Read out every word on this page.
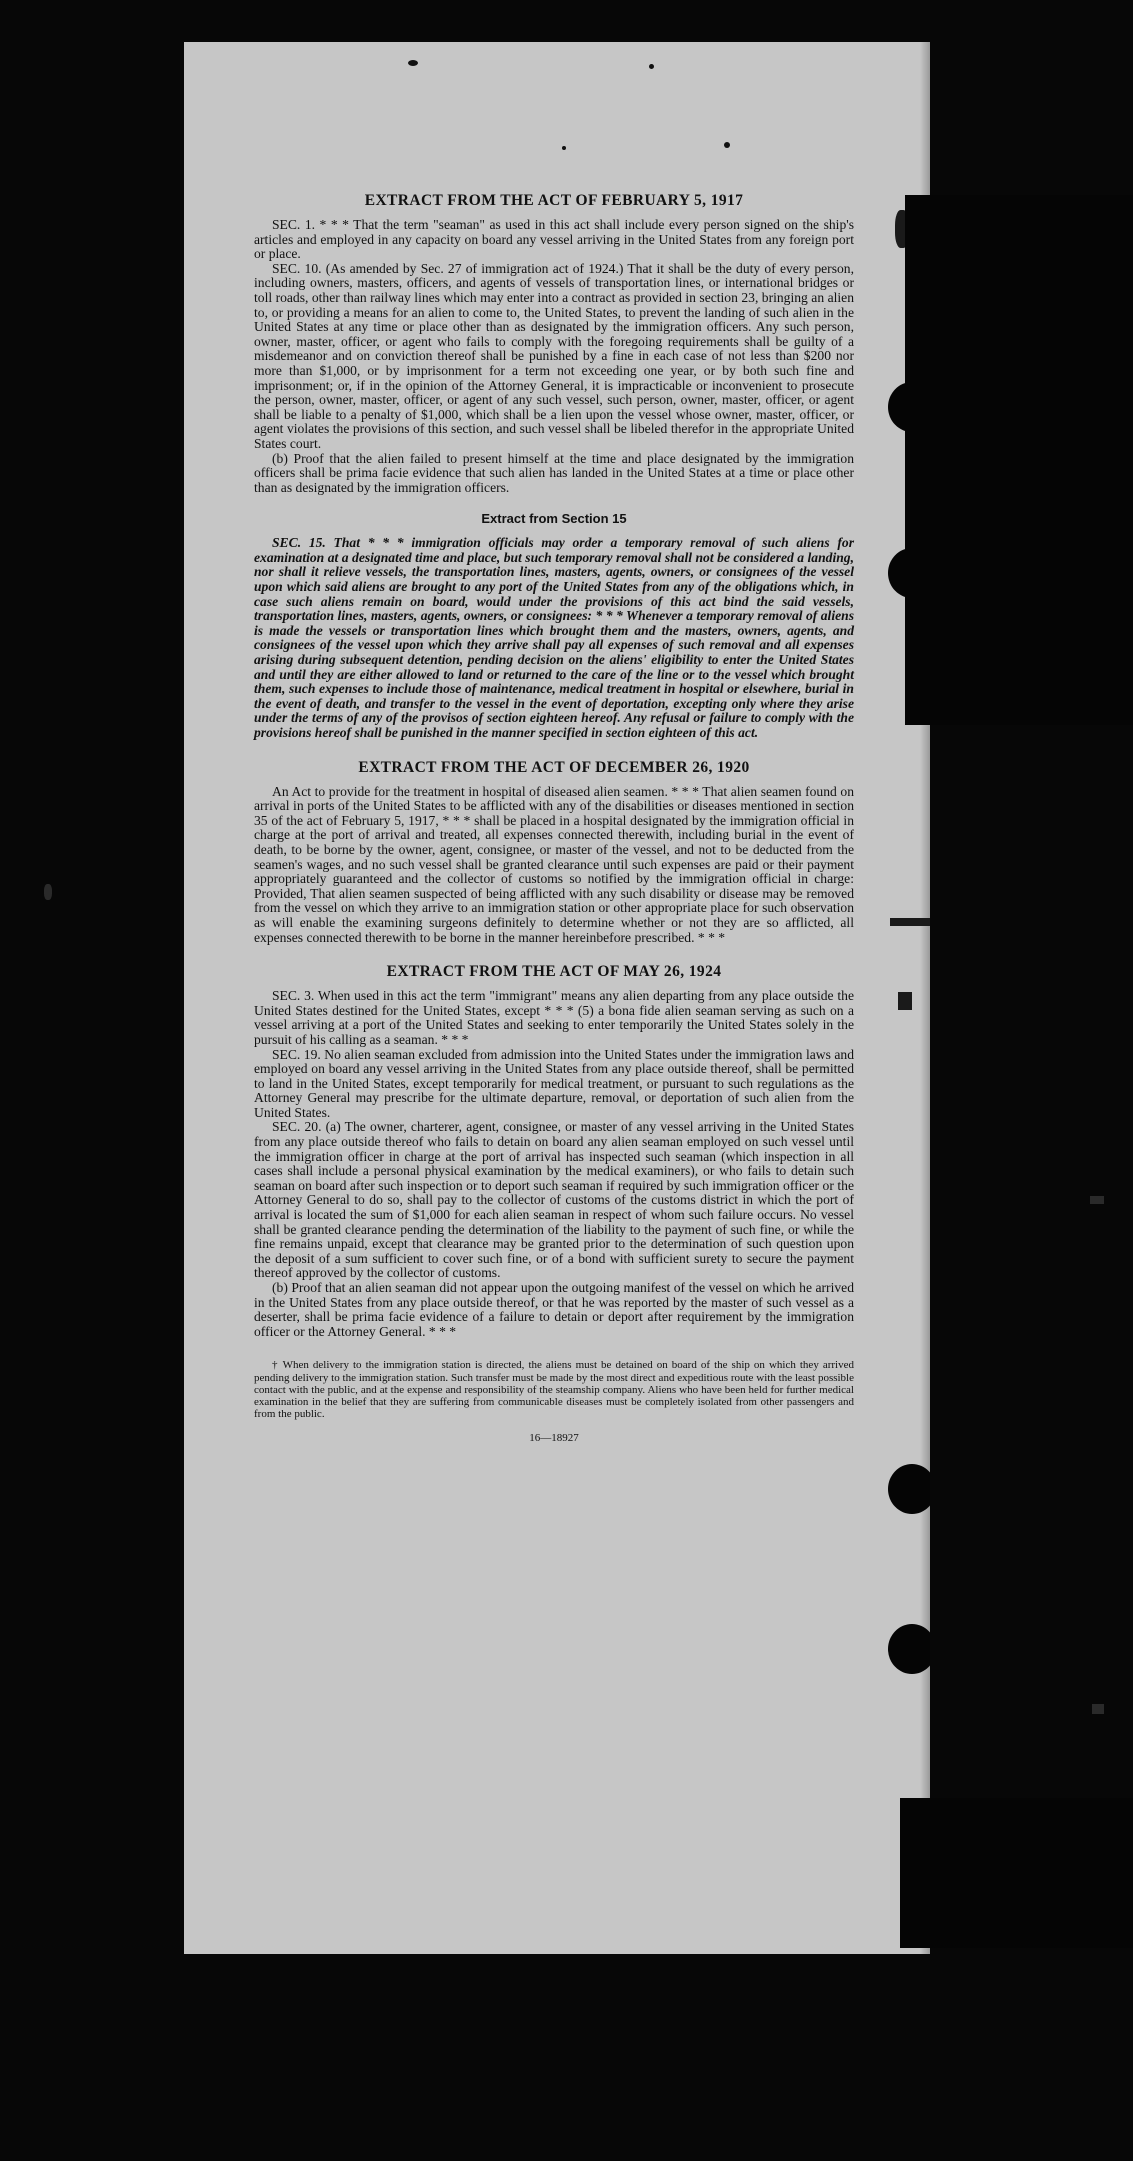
EXTRACT FROM THE ACT OF FEBRUARY 5, 1917

SEC. 1. * * * That the term "seaman" as used in this act shall include every person signed on the ship's articles and employed in any capacity on board any vessel arriving in the United States from any foreign port or place.

SEC. 10. (As amended by Sec. 27 of immigration act of 1924.) That it shall be the duty of every person, including owners, masters, officers, and agents of vessels of transportation lines, or international bridges or toll roads, other than railway lines which may enter into a contract as provided in section 23, bringing an alien to, or providing a means for an alien to come to, the United States, to prevent the landing of such alien in the United States at any time or place other than as designated by the immigration officers. Any such person, owner, master, officer, or agent who fails to comply with the foregoing requirements shall be guilty of a misdemeanor and on conviction thereof shall be punished by a fine in each case of not less than $200 nor more than $1,000, or by imprisonment for a term not exceeding one year, or by both such fine and imprisonment; or, if in the opinion of the Attorney General, it is impracticable or inconvenient to prosecute the person, owner, master, officer, or agent of any such vessel, such person, owner, master, officer, or agent shall be liable to a penalty of $1,000, which shall be a lien upon the vessel whose owner, master, officer, or agent violates the provisions of this section, and such vessel shall be libeled therefor in the appropriate United States court.

(b) Proof that the alien failed to present himself at the time and place designated by the immigration officers shall be prima facie evidence that such alien has landed in the United States at a time or place other than as designated by the immigration officers.

Extract from Section 15

SEC. 15. That * * * immigration officials may order a temporary removal of such aliens for examination at a designated time and place, but such temporary removal shall not be considered a landing, nor shall it relieve vessels, the transportation lines, masters, agents, owners, or consignees of the vessel upon which said aliens are brought to any port of the United States from any of the obligations which, in case such aliens remain on board, would under the provisions of this act bind the said vessels, transportation lines, masters, agents, owners, or consignees: * * * Whenever a temporary removal of aliens is made the vessels or transportation lines which brought them and the masters, owners, agents, and consignees of the vessel upon which they arrive shall pay all expenses of such removal and all expenses arising during subsequent detention, pending decision on the aliens' eligibility to enter the United States and until they are either allowed to land or returned to the care of the line or to the vessel which brought them, such expenses to include those of maintenance, medical treatment in hospital or elsewhere, burial in the event of death, and transfer to the vessel in the event of deportation, excepting only where they arise under the terms of any of the provisos of section eighteen hereof. Any refusal or failure to comply with the provisions hereof shall be punished in the manner specified in section eighteen of this act.

EXTRACT FROM THE ACT OF DECEMBER 26, 1920

An Act to provide for the treatment in hospital of diseased alien seamen. * * * That alien seamen found on arrival in ports of the United States to be afflicted with any of the disabilities or diseases mentioned in section 35 of the act of February 5, 1917, * * * shall be placed in a hospital designated by the immigration official in charge at the port of arrival and treated, all expenses connected therewith, including burial in the event of death, to be borne by the owner, agent, consignee, or master of the vessel, and not to be deducted from the seamen's wages, and no such vessel shall be granted clearance until such expenses are paid or their payment appropriately guaranteed and the collector of customs so notified by the immigration official in charge: Provided, That alien seamen suspected of being afflicted with any such disability or disease may be removed from the vessel on which they arrive to an immigration station or other appropriate place for such observation as will enable the examining surgeons definitely to determine whether or not they are so afflicted, all expenses connected therewith to be borne in the manner hereinbefore prescribed. * * *

EXTRACT FROM THE ACT OF MAY 26, 1924

SEC. 3. When used in this act the term "immigrant" means any alien departing from any place outside the United States destined for the United States, except * * * (5) a bona fide alien seaman serving as such on a vessel arriving at a port of the United States and seeking to enter temporarily the United States solely in the pursuit of his calling as a seaman. * * *

SEC. 19. No alien seaman excluded from admission into the United States under the immigration laws and employed on board any vessel arriving in the United States from any place outside thereof, shall be permitted to land in the United States, except temporarily for medical treatment, or pursuant to such regulations as the Attorney General may prescribe for the ultimate departure, removal, or deportation of such alien from the United States.

SEC. 20. (a) The owner, charterer, agent, consignee, or master of any vessel arriving in the United States from any place outside thereof who fails to detain on board any alien seaman employed on such vessel until the immigration officer in charge at the port of arrival has inspected such seaman (which inspection in all cases shall include a personal physical examination by the medical examiners), or who fails to detain such seaman on board after such inspection or to deport such seaman if required by such immigration officer or the Attorney General to do so, shall pay to the collector of customs of the customs district in which the port of arrival is located the sum of $1,000 for each alien seaman in respect of whom such failure occurs. No vessel shall be granted clearance pending the determination of the liability to the payment of such fine, or while the fine remains unpaid, except that clearance may be granted prior to the determination of such question upon the deposit of a sum sufficient to cover such fine, or of a bond with sufficient surety to secure the payment thereof approved by the collector of customs.

(b) Proof that an alien seaman did not appear upon the outgoing manifest of the vessel on which he arrived in the United States from any place outside thereof, or that he was reported by the master of such vessel as a deserter, shall be prima facie evidence of a failure to detain or deport after requirement by the immigration officer or the Attorney General. * * *

† When delivery to the immigration station is directed, the aliens must be detained on board of the ship on which they arrived pending delivery to the immigration station. Such transfer must be made by the most direct and expeditious route with the least possible contact with the public, and at the expense and responsibility of the steamship company. Aliens who have been held for further medical examination in the belief that they are suffering from communicable diseases must be completely isolated from other passengers and from the public.
16—18927
